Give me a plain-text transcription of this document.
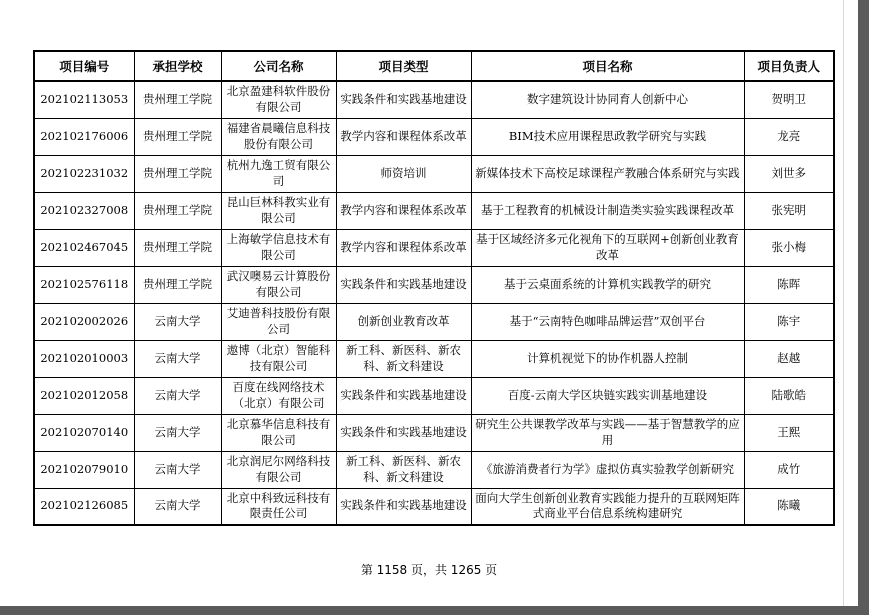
项目编号	承担学校	公司名称	项目类型	项目名称	项目负责人
202102113053	贵州理工学院	北京盈建科软件股份有限公司	实践条件和实践基地建设	数字建筑设计协同育人创新中心	贺明卫
202102176006	贵州理工学院	福建省晨曦信息科技股份有限公司	教学内容和课程体系改革	BIM技术应用课程思政教学研究与实践	龙亮
202102231032	贵州理工学院	杭州九逸工贸有限公司	师资培训	新媒体技术下高校足球课程产教融合体系研究与实践	刘世多
202102327008	贵州理工学院	昆山巨林科教实业有限公司	教学内容和课程体系改革	基于工程教育的机械设计制造类实验实践课程改革	张宪明
202102467045	贵州理工学院	上海敏学信息技术有限公司	教学内容和课程体系改革	基于区域经济多元化视角下的互联网+创新创业教育改革	张小梅
202102576118	贵州理工学院	武汉噢易云计算股份有限公司	实践条件和实践基地建设	基于云桌面系统的计算机实践教学的研究	陈晖
202102002026	云南大学	艾迪普科技股份有限公司	创新创业教育改革	基于“云南特色咖啡品牌运营”双创平台	陈宇
202102010003	云南大学	遨博（北京）智能科技有限公司	新工科、新医科、新农科、新文科建设	计算机视觉下的协作机器人控制	赵越
202102012058	云南大学	百度在线网络技术（北京）有限公司	实践条件和实践基地建设	百度-云南大学区块链实践实训基地建设	陆歌皓
202102070140	云南大学	北京慕华信息科技有限公司	实践条件和实践基地建设	研究生公共课教学改革与实践——基于智慧教学的应用	王熙
202102079010	云南大学	北京润尼尔网络科技有限公司	新工科、新医科、新农科、新文科建设	《旅游消费者行为学》虚拟仿真实验教学创新研究	成竹
202102126085	云南大学	北京中科致远科技有限责任公司	实践条件和实践基地建设	面向大学生创新创业教育实践能力提升的互联网矩阵式商业平台信息系统构建研究	陈曦
第 1158 页，共 1265 页
